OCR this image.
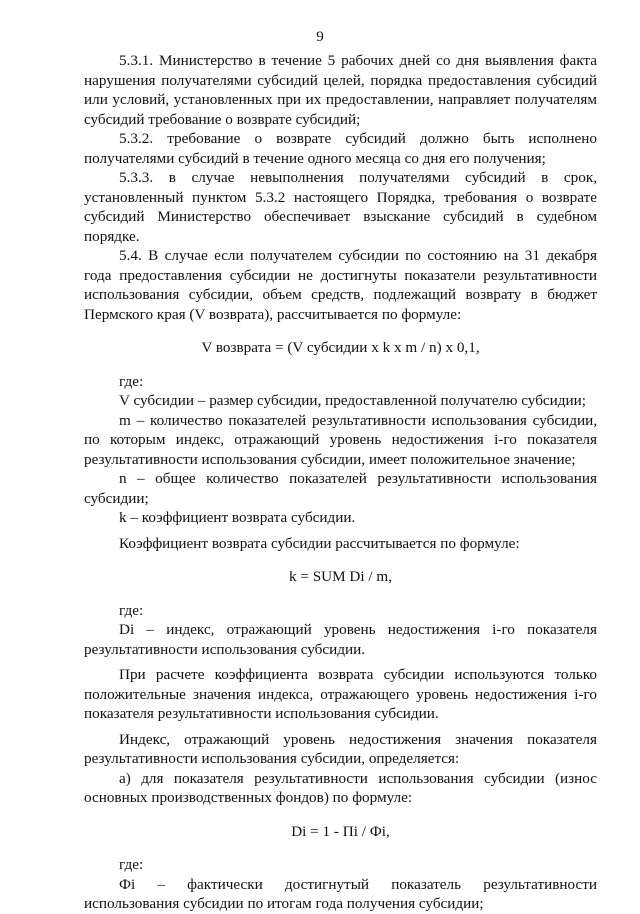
9

5.3.1. Министерство в течение 5 рабочих дней со дня выявления факта нарушения получателями субсидий целей, порядка предоставления субсидий или условий, установленных при их предоставлении, направляет получателям субсидий требование о возврате субсидий;

5.3.2. требование о возврате субсидий должно быть исполнено получателями субсидий в течение одного месяца со дня его получения;

5.3.3. в случае невыполнения получателями субсидий в срок, установленный пунктом 5.3.2 настоящего Порядка, требования о возврате субсидий Министерство обеспечивает взыскание субсидий в судебном порядке.

5.4. В случае если получателем субсидии по состоянию на 31 декабря года предоставления субсидии не достигнуты показатели результативности использования субсидии, объем средств, подлежащий возврату в бюджет Пермского края (V возврата), рассчитывается по формуле:

V возврата = (V субсидии x k x m / n) x 0,1,

где:

V субсидии – размер субсидии, предоставленной получателю субсидии;

m – количество показателей результативности использования субсидии, по которым индекс, отражающий уровень недостижения i-го показателя результативности использования субсидии, имеет положительное значение;

n – общее количество показателей результативности использования субсидии;

k – коэффициент возврата субсидии.

Коэффициент возврата субсидии рассчитывается по формуле:

k = SUM Di / m,

где:

Di – индекс, отражающий уровень недостижения i-го показателя результативности использования субсидии.

При расчете коэффициента возврата субсидии используются только положительные значения индекса, отражающего уровень недостижения i-го показателя результативности использования субсидии.

Индекс, отражающий уровень недостижения значения показателя результативности использования субсидии, определяется:

а) для показателя результативности использования субсидии (износ основных производственных фондов) по формуле:

Di = 1 - Пi / Фi,

где:

Фi – фактически достигнутый показатель результативности использования субсидии по итогам года получения субсидии;
